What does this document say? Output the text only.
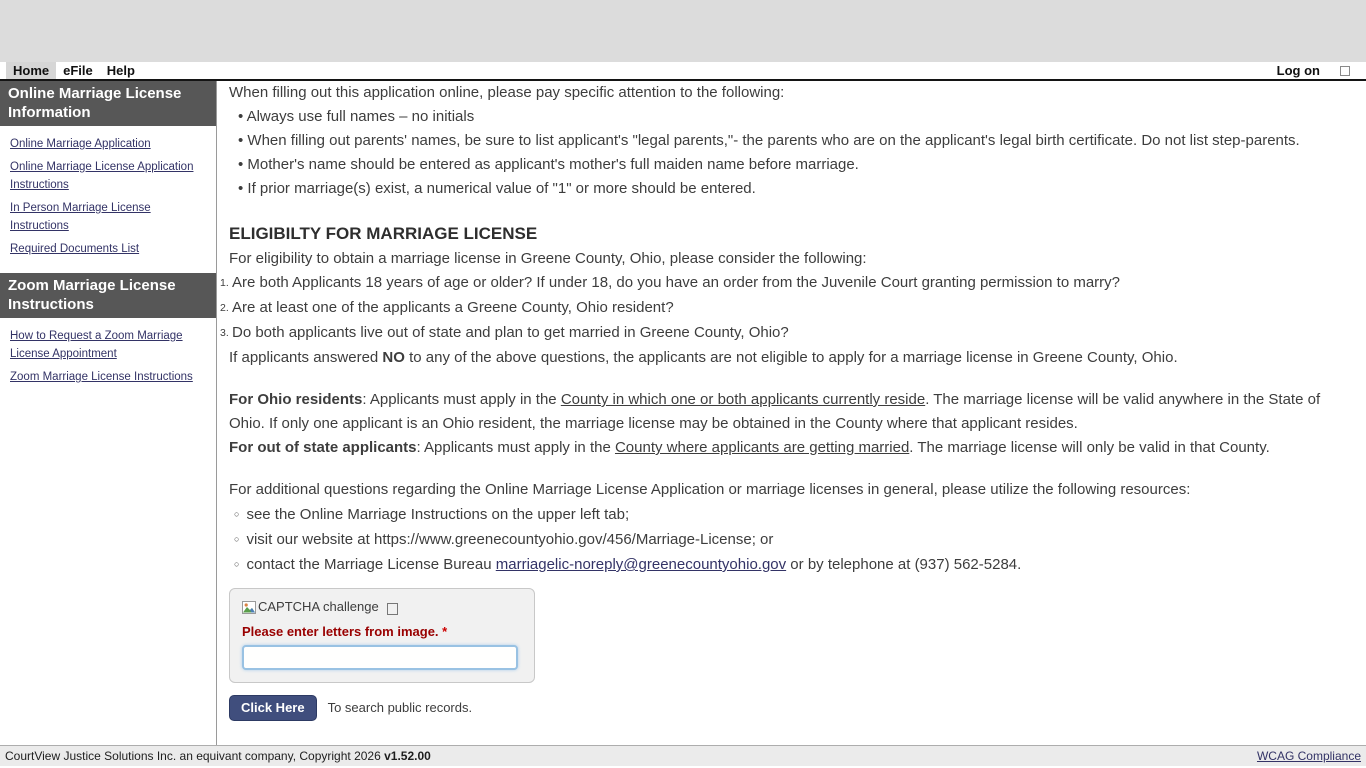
Home	eFile	Help	Log on
Online Marriage License Information
Online Marriage Application
Online Marriage License Application Instructions
In Person Marriage License Instructions
Required Documents List
Zoom Marriage License Instructions
How to Request a Zoom Marriage License Appointment
Zoom Marriage License Instructions

When filling out this application online, please pay specific attention to the following:

• Always use full names – no initials

• When filling out parents' names, be sure to list applicant's "legal parents,"- the parents who are on the applicant's legal birth certificate. Do not list step-parents.

• Mother's name should be entered as applicant's mother's full maiden name before marriage.

• If prior marriage(s) exist, a numerical value of "1" or more should be entered.

ELIGIBILTY FOR MARRIAGE LICENSE

For eligibility to obtain a marriage license in Greene County, Ohio, please consider the following:

1. Are both Applicants 18 years of age or older? If under 18, do you have an order from the Juvenile Court granting permission to marry?
2. Are at least one of the applicants a Greene County, Ohio resident?
3. Do both applicants live out of state and plan to get married in Greene County, Ohio?

If applicants answered NO to any of the above questions, the applicants are not eligible to apply for a marriage license in Greene County, Ohio.

For Ohio residents: Applicants must apply in the County in which one or both applicants currently reside. The marriage license will be valid anywhere in the State of Ohio. If only one applicant is an Ohio resident, the marriage license may be obtained in the County where that applicant resides.

For out of state applicants: Applicants must apply in the County where applicants are getting married. The marriage license will only be valid in that County.

For additional questions regarding the Online Marriage License Application or marriage licenses in general, please utilize the following resources:

○ see the Online Marriage Instructions on the upper left tab;

○ visit our website at https://www.greenecountyohio.gov/456/Marriage-License; or

○ contact the Marriage License Bureau marriagelic-noreply@greenecountyohio.gov or by telephone at (937) 562-5284.

CAPTCHA challenge
Please enter letters from image. *
Click Here	To search public records.
CourtView Justice Solutions Inc. an equivant company, Copyright 2026 v1.52.00	WCAG Compliance
